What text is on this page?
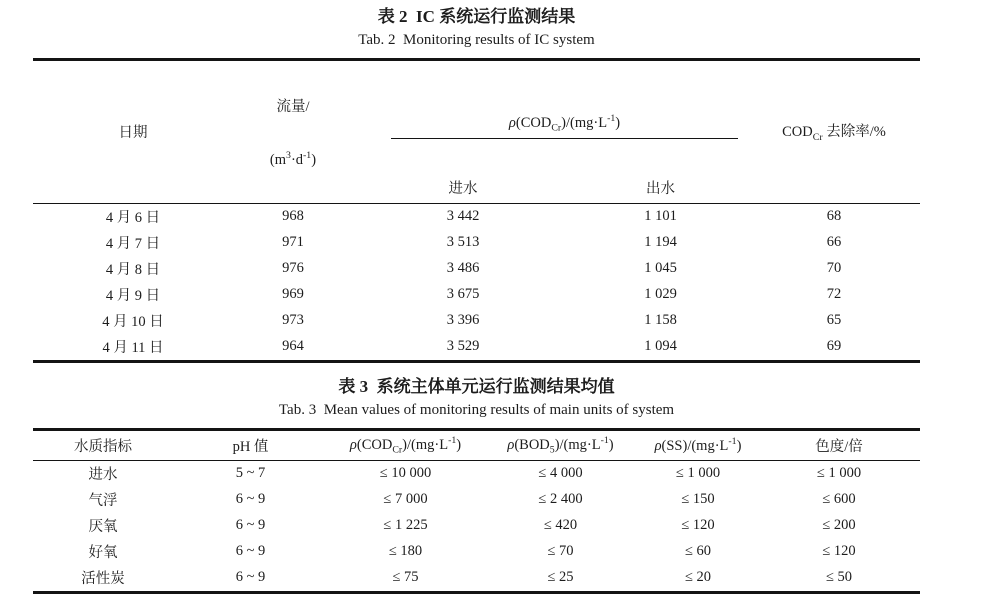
表 2  IC 系统运行监测结果
Tab. 2  Monitoring results of IC system
日期	流量/

$(m^3\cdot d^{-1})$	$\rho(COD_{Cr})/(mg\cdot L^{-1})$		$COD_{Cr}$ 去除率/%
		进水	出水	
4 月 6 日	968	3 442	1 101	68
4 月 7 日	971	3 513	1 194	66
4 月 8 日	976	3 486	1 045	70
4 月 9 日	969	3 675	1 029	72
4 月 10 日	973	3 396	1 158	65
4 月 11 日	964	3 529	1 094	69
表 3  系统主体单元运行监测结果均值
Tab. 3  Mean values of monitoring results of main units of system
水质指标	pH 值	$\rho(COD_{Cr})/(mg\cdot L^{-1})$	$\rho(BOD_5)/(mg\cdot L^{-1})$	$\rho(SS)/(mg\cdot L^{-1})$	色度/倍
进水	5 ~ 7	≤ 10 000	≤ 4 000	≤ 1 000	≤ 1 000
气浮	6 ~ 9	≤ 7 000	≤ 2 400	≤ 150	≤ 600
厌氧	6 ~ 9	≤ 1 225	≤ 420	≤ 120	≤ 200
好氧	6 ~ 9	≤ 180	≤ 70	≤ 60	≤ 120
活性炭	6 ~ 9	≤ 75	≤ 25	≤ 20	≤ 50
